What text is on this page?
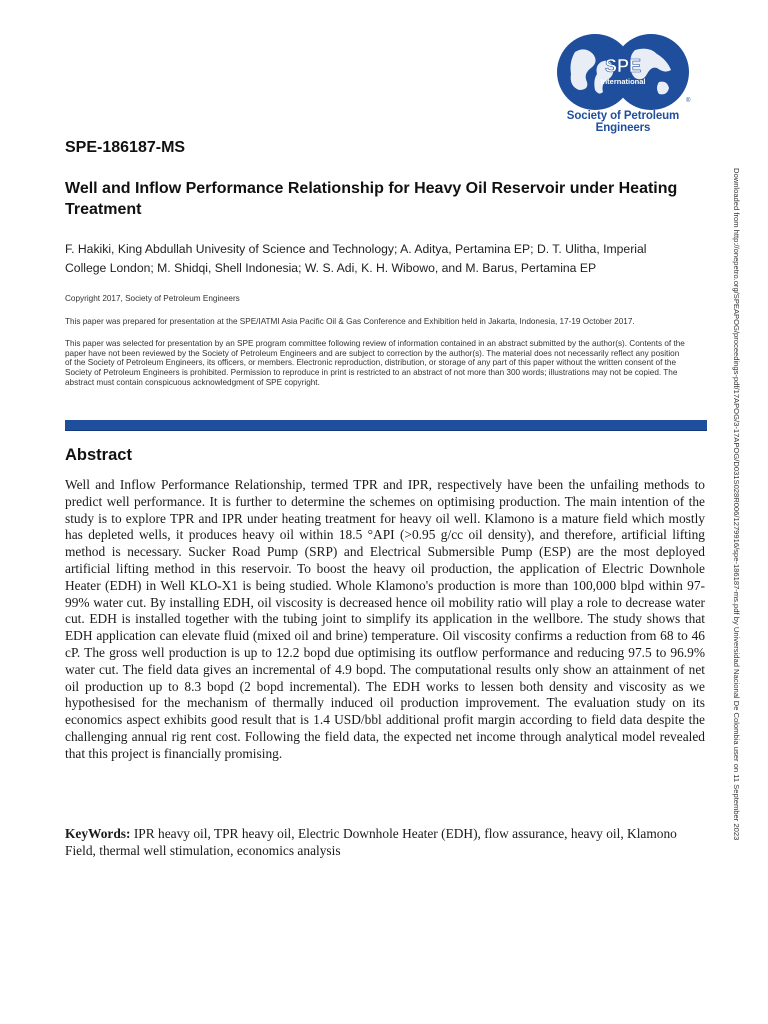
SPE
International
®
Society of Petroleum Engineers
SPE-186187-MS
Well and Inflow Performance Relationship for Heavy Oil Reservoir under Heating Treatment
F. Hakiki, King Abdullah Univesity of Science and Technology; A. Aditya, Pertamina EP; D. T. Ulitha, Imperial College London; M. Shidqi, Shell Indonesia; W. S. Adi, K. H. Wibowo, and M. Barus, Pertamina EP
Copyright 2017, Society of Petroleum Engineers
This paper was prepared for presentation at the SPE/IATMI Asia Pacific Oil & Gas Conference and Exhibition held in Jakarta, Indonesia, 17-19 October 2017.
This paper was selected for presentation by an SPE program committee following review of information contained in an abstract submitted by the author(s). Contents of the paper have not been reviewed by the Society of Petroleum Engineers and are subject to correction by the author(s). The material does not necessarily reflect any position of the Society of Petroleum Engineers, its officers, or members. Electronic reproduction, distribution, or storage of any part of this paper without the written consent of the Society of Petroleum Engineers is prohibited. Permission to reproduce in print is restricted to an abstract of not more than 300 words; illustrations may not be copied. The abstract must contain conspicuous acknowledgment of SPE copyright.
Abstract

Well and Inflow Performance Relationship, termed TPR and IPR, respectively have been the unfailing methods to predict well performance. It is further to determine the schemes on optimising production. The main intention of the study is to explore TPR and IPR under heating treatment for heavy oil well. Klamono is a mature field which mostly has depleted wells, it produces heavy oil within 18.5 °API (>0.95 g/cc oil density), and therefore, artificial lifting method is necessary. Sucker Road Pump (SRP) and Electrical Submersible Pump (ESP) are the most deployed artificial lifting method in this reservoir. To boost the heavy oil production, the application of Electric Downhole Heater (EDH) in Well KLO-X1 is being studied. Whole Klamono's production is more than 100,000 blpd within 97-99% water cut. By installing EDH, oil viscosity is decreased hence oil mobility ratio will play a role to decrease water cut. EDH is installed together with the tubing joint to simplify its application in the wellbore. The study shows that EDH application can elevate fluid (mixed oil and brine) temperature. Oil viscosity confirms a reduction from 68 to 46 cP. The gross well production is up to 12.2 bopd due optimising its outflow performance and reducing 97.5 to 96.9% water cut. The field data gives an incremental of 4.9 bopd. The computational results only show an attainment of net oil production up to 8.3 bopd (2 bopd incremental). The EDH works to lessen both density and viscosity as we hypothesised for the mechanism of thermally induced oil production improvement. The evaluation study on its economics aspect exhibits good result that is 1.4 USD/bbl additional profit margin according to field data despite the challenging annual rig rent cost. Following the field data, the expected net income through analytical model revealed that this project is financially promising.

KeyWords: IPR heavy oil, TPR heavy oil, Electric Downhole Heater (EDH), flow assurance, heavy oil, Klamono Field, thermal well stimulation, economics analysis

Downloaded from http://onepetro.org/SPEAPOG/proceedings-pdf/17APOG/3-17APOG/D031S028R006/1279916/spe-186187-ms.pdf by Universidad Nacional De Colombia user on 11 September 2023
